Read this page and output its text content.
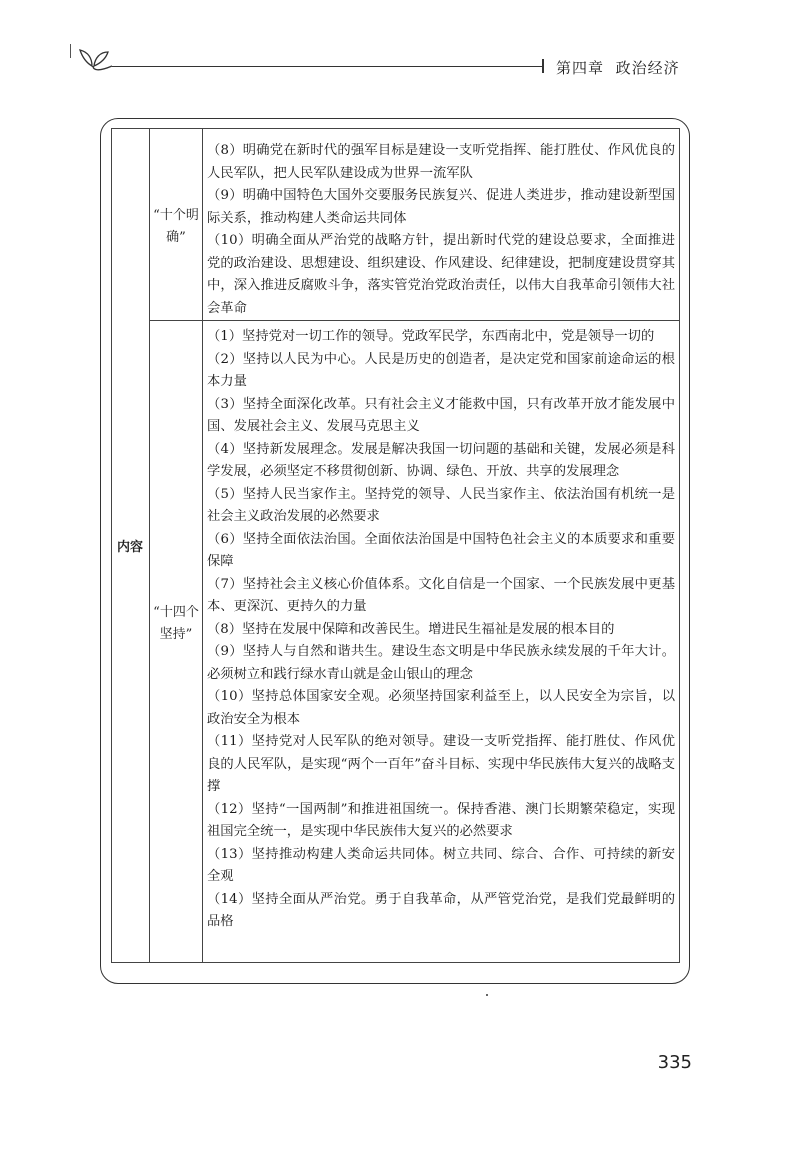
第四章 政治经济
内容
“十个明确”
“十四个坚持”

（8）明确党在新时代的强军目标是建设一支听党指挥、能打胜仗、作风优良的人民军队，把人民军队建设成为世界一流军队

（9）明确中国特色大国外交要服务民族复兴、促进人类进步，推动建设新型国际关系，推动构建人类命运共同体

（10）明确全面从严治党的战略方针，提出新时代党的建设总要求，全面推进党的政治建设、思想建设、组织建设、作风建设、纪律建设，把制度建设贯穿其中，深入推进反腐败斗争，落实管党治党政治责任，以伟大自我革命引领伟大社会革命

（1）坚持党对一切工作的领导。党政军民学，东西南北中，党是领导一切的

（2）坚持以人民为中心。人民是历史的创造者，是决定党和国家前途命运的根本力量

（3）坚持全面深化改革。只有社会主义才能救中国，只有改革开放才能发展中国、发展社会主义、发展马克思主义

（4）坚持新发展理念。发展是解决我国一切问题的基础和关键，发展必须是科学发展，必须坚定不移贯彻创新、协调、绿色、开放、共享的发展理念

（5）坚持人民当家作主。坚持党的领导、人民当家作主、依法治国有机统一是社会主义政治发展的必然要求

（6）坚持全面依法治国。全面依法治国是中国特色社会主义的本质要求和重要保障

（7）坚持社会主义核心价值体系。文化自信是一个国家、一个民族发展中更基本、更深沉、更持久的力量

（8）坚持在发展中保障和改善民生。增进民生福祉是发展的根本目的

（9）坚持人与自然和谐共生。建设生态文明是中华民族永续发展的千年大计。必须树立和践行绿水青山就是金山银山的理念

（10）坚持总体国家安全观。必须坚持国家利益至上，以人民安全为宗旨，以政治安全为根本

（11）坚持党对人民军队的绝对领导。建设一支听党指挥、能打胜仗、作风优良的人民军队，是实现“两个一百年”奋斗目标、实现中华民族伟大复兴的战略支撑

（12）坚持“一国两制”和推进祖国统一。保持香港、澳门长期繁荣稳定，实现祖国完全统一，是实现中华民族伟大复兴的必然要求

（13）坚持推动构建人类命运共同体。树立共同、综合、合作、可持续的新安全观

（14）坚持全面从严治党。勇于自我革命，从严管党治党，是我们党最鲜明的品格

335
